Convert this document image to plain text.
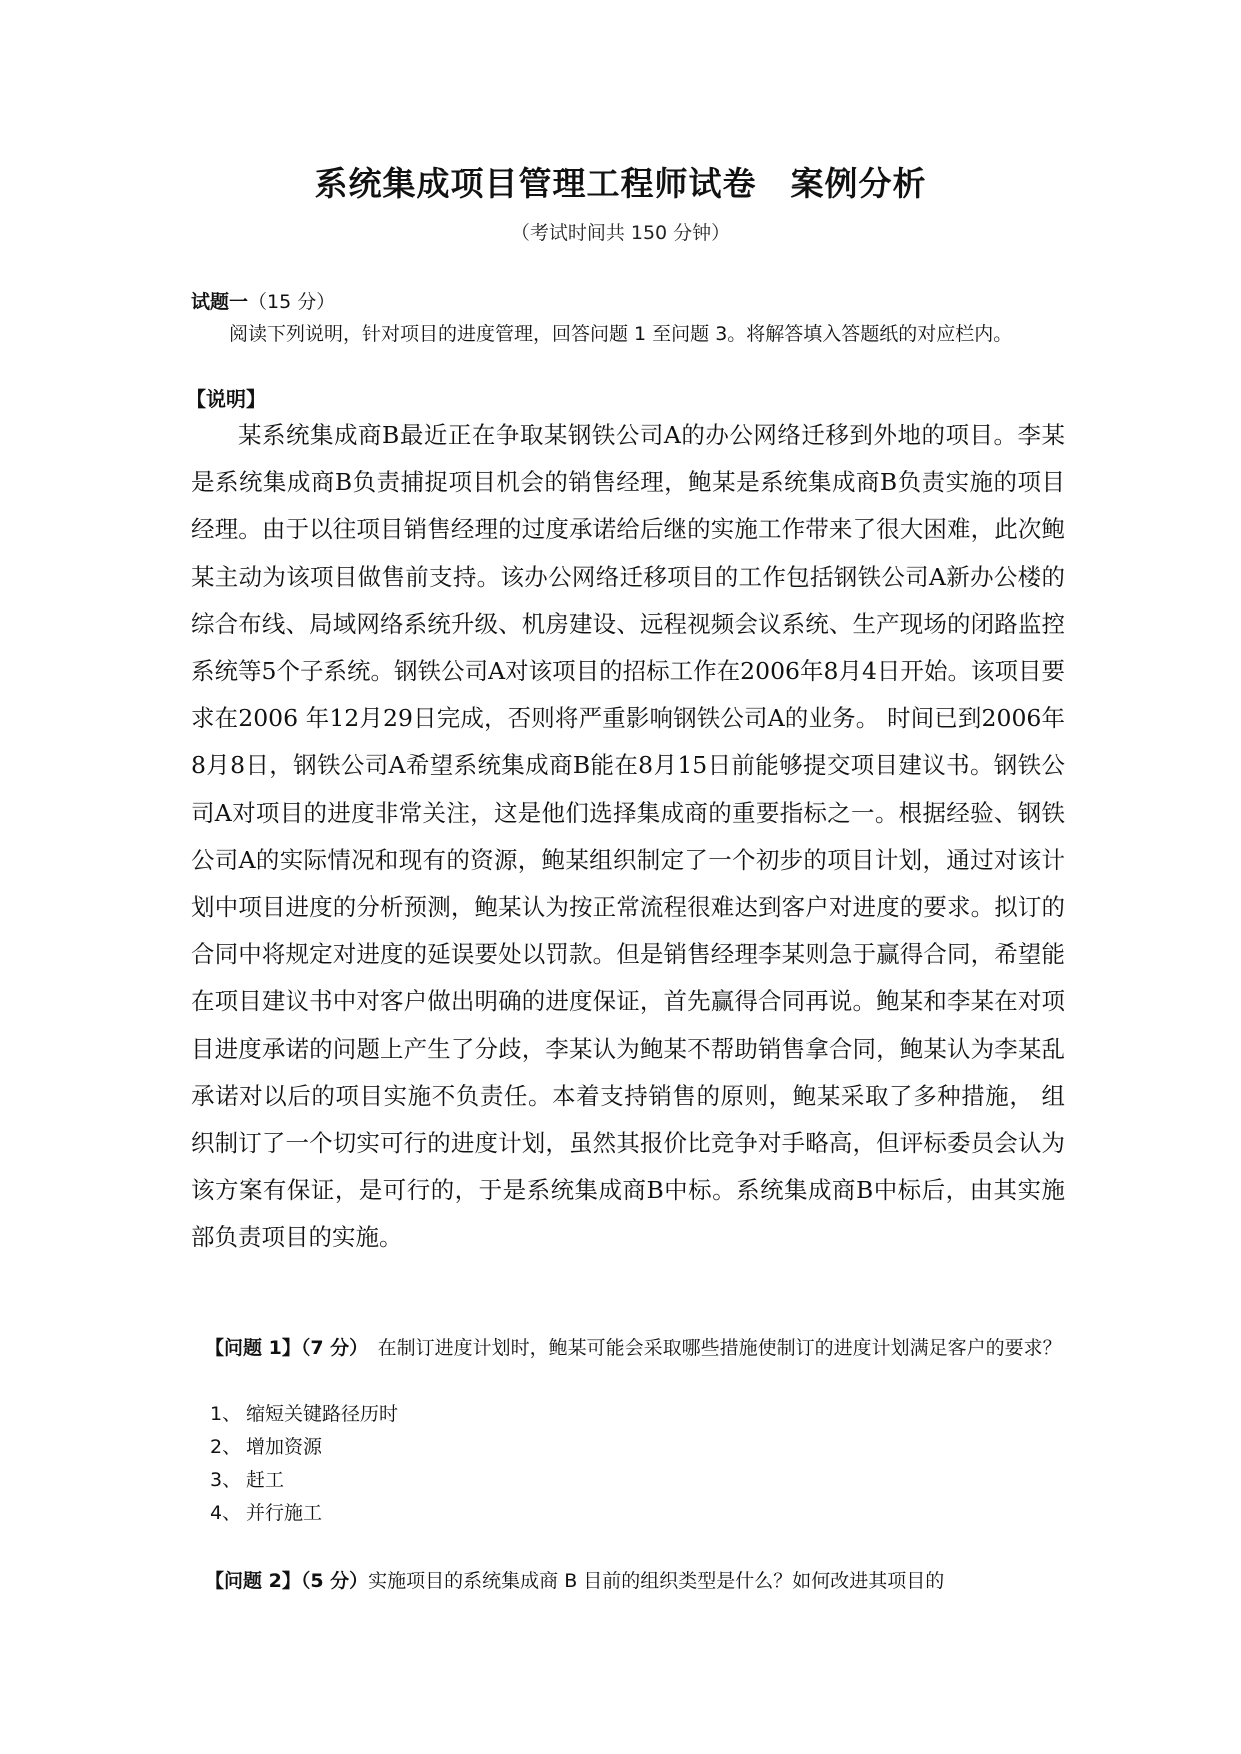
系统集成项目管理工程师试卷　案例分析
（考试时间共 150 分钟）
试题一（15 分）
阅读下列说明，针对项目的进度管理，回答问题 1 至问题 3。将解答填入答题纸的对应栏内。
【说明】
某系统集成商B最近正在争取某钢铁公司A的办公网络迁移到外地的项目。李某是系统集成商B负责捕捉项目机会的销售经理，鲍某是系统集成商B负责实施的项目经理。由于以往项目销售经理的过度承诺给后继的实施工作带来了很大困难，此次鲍某主动为该项目做售前支持。该办公网络迁移项目的工作包括钢铁公司A新办公楼的综合布线、局域网络系统升级、机房建设、远程视频会议系统、生产现场的闭路监控系统等5个子系统。钢铁公司A对该项目的招标工作在2006年8月4日开始。该项目要求在2006 年12月29日完成，否则将严重影响钢铁公司A的业务。 时间已到2006年8月8日，钢铁公司A希望系统集成商B能在8月15日前能够提交项目建议书。钢铁公司A对项目的进度非常关注，这是他们选择集成商的重要指标之一。根据经验、钢铁公司A的实际情况和现有的资源，鲍某组织制定了一个初步的项目计划，通过对该计划中项目进度的分析预测，鲍某认为按正常流程很难达到客户对进度的要求。拟订的合同中将规定对进度的延误要处以罚款。但是销售经理李某则急于赢得合同，希望能在项目建议书中对客户做出明确的进度保证，首先赢得合同再说。鲍某和李某在对项目进度承诺的问题上产生了分歧，李某认为鲍某不帮助销售拿合同，鲍某认为李某乱承诺对以后的项目实施不负责任。本着支持销售的原则，鲍某采取了多种措施， 组织制订了一个切实可行的进度计划，虽然其报价比竞争对手略高，但评标委员会认为该方案有保证，是可行的，于是系统集成商B中标。系统集成商B中标后，由其实施部负责项目的实施。
【问题 1】（7 分）　在制订进度计划时，鲍某可能会采取哪些措施使制订的进度计划满足客户的要求？
1、 缩短关键路径历时
2、 增加资源
3、 赶工
4、 并行施工
【问题 2】（5 分）实施项目的系统集成商 B 目前的组织类型是什么？如何改进其项目的
